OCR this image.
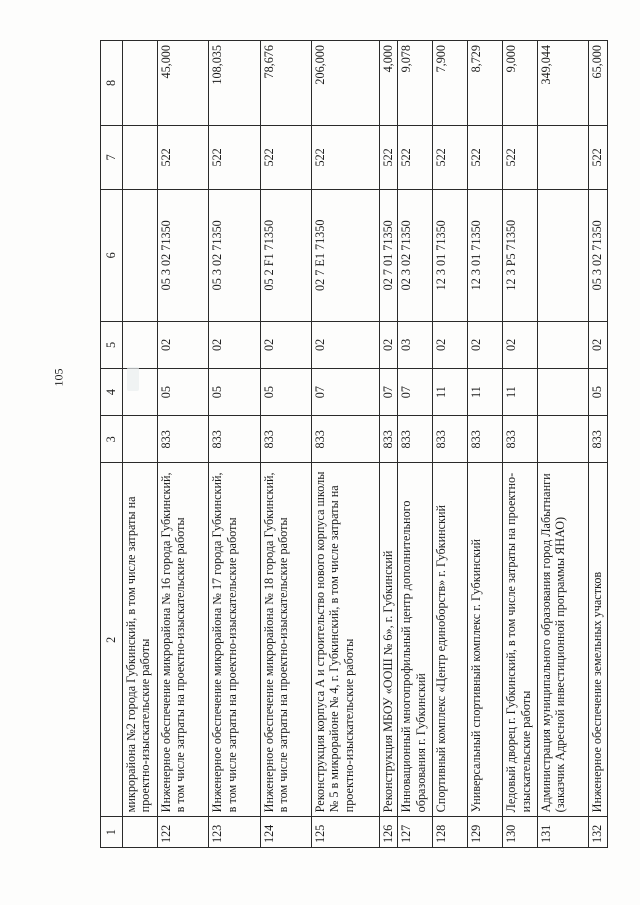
105
1	2	3	4	5	6	7	8
	микрорайона №2 города Губкинский, в том числе затраты на проектно-изыскательские работы						
122	Инженерное обеспечение микрорайона № 16 города Губкинский, в том числе затраты на проектно-изыскательские работы	833	05	02	05 3 02 71350	522	45,000
123	Инженерное обеспечение микрорайона № 17 города Губкинский, в том числе затраты на проектно-изыскательские работы	833	05	02	05 3 02 71350	522	108,035
124	Инженерное обеспечение микрорайона № 18 города Губкинский, в том числе затраты на проектно-изыскательские работы	833	05	02	05 2 F1 71350	522	78,676
125	Реконструкция корпуса А и строительство нового корпуса школы № 5 в микрорайоне № 4, г. Губкинский, в том числе затраты на проектно-изыскательские работы	833	07	02	02 7 E1 71350	522	206,000
126	Реконструкция МБОУ «ООШ № 6», г. Губкинский	833	07	02	02 7 01 71350	522	4,000
127	Инновационный многопрофильный центр дополнительного образования г. Губкинский	833	07	03	02 3 02 71350	522	9,078
128	Спортивный комплекс «Центр единоборств» г. Губкинский	833	11	02	12 3 01 71350	522	7,900
129	Универсальный спортивный комплекс г. Губкинский	833	11	02	12 3 01 71350	522	8,729
130	Ледовый дворец г. Губкинский, в том числе затраты на проектно-изыскательские работы	833	11	02	12 3 P5 71350	522	9,000
131	Администрация муниципального образования город Лабытнанги (заказчик Адресной инвестиционной программы ЯНАО)						349,044
132	Инженерное обеспечение земельных участков	833	05	02	05 3 02 71350	522	65,000
